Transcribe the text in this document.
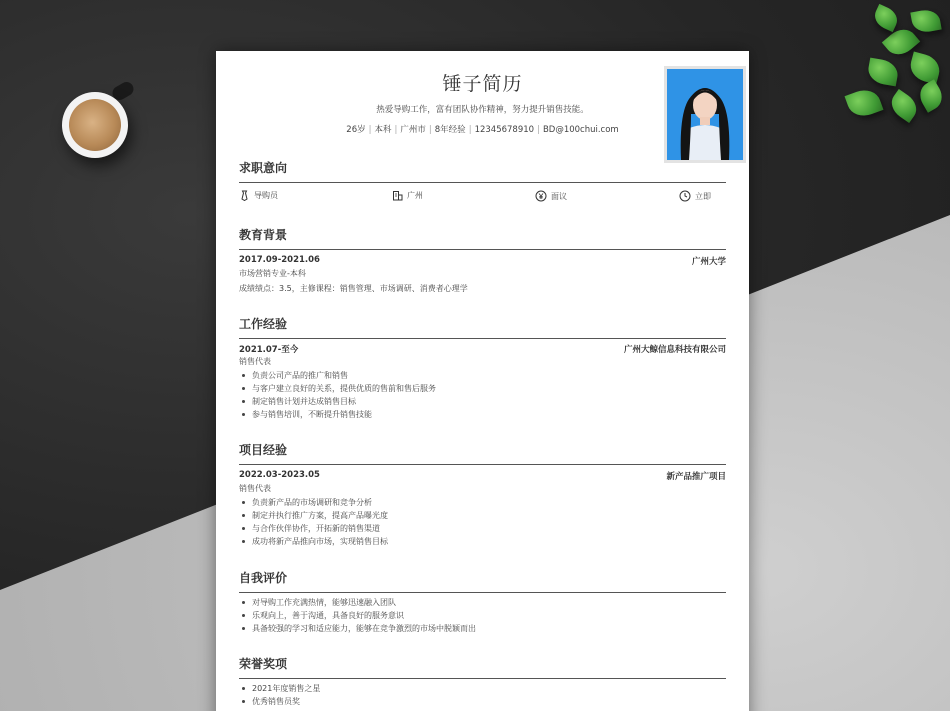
锤子简历
热爱导购工作，富有团队协作精神，努力提升销售技能。
26岁 | 本科 | 广州市 | 8年经验 | 12345678910 | BD@100chui.com
求职意向
导购员	广州	面议	立即
教育背景
2017.09-2021.06	广州大学
市场营销专业-本科
成绩绩点：3.5，主修课程：销售管理、市场调研、消费者心理学
工作经验
2021.07-至今	广州大鲸信息科技有限公司
销售代表
负责公司产品的推广和销售
与客户建立良好的关系，提供优质的售前和售后服务
制定销售计划并达成销售目标
参与销售培训，不断提升销售技能
项目经验
2022.03-2023.05	新产品推广项目
销售代表
负责新产品的市场调研和竞争分析
制定并执行推广方案，提高产品曝光度
与合作伙伴协作，开拓新的销售渠道
成功将新产品推向市场，实现销售目标
自我评价
对导购工作充满热情，能够迅速融入团队
乐观向上，善于沟通，具备良好的服务意识
具备较强的学习和适应能力，能够在竞争激烈的市场中脱颖而出
荣誉奖项
2021年度销售之星
优秀销售员奖
